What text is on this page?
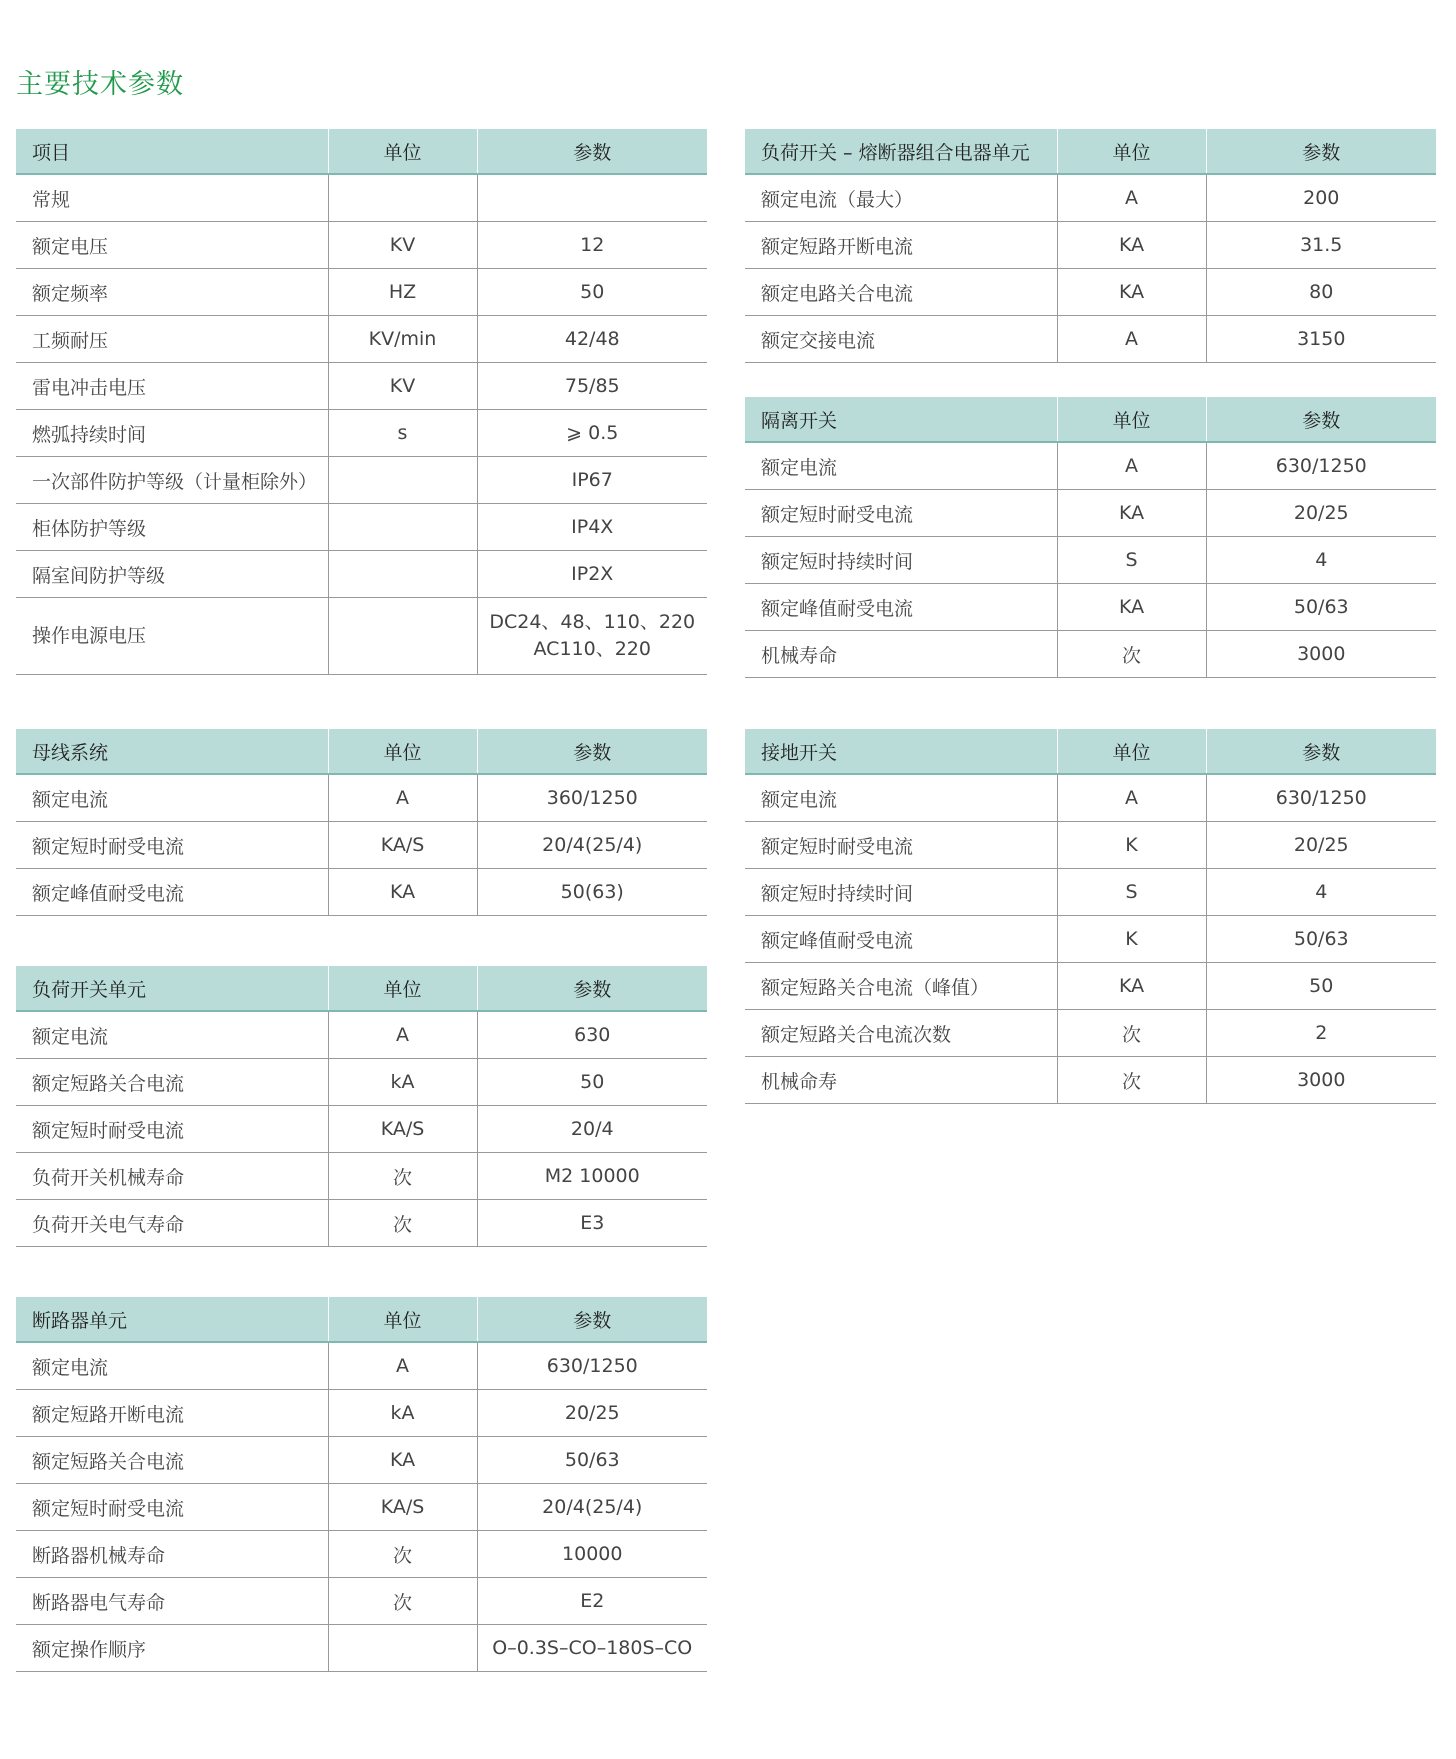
主要技术参数
项目	单位	参数
常规		
额定电压	KV	12
额定频率	HZ	50
工频耐压	KV/min	42/48
雷电冲击电压	KV	75/85
燃弧持续时间	s	⩾ 0.5
一次部件防护等级（计量柜除外）		IP67
柜体防护等级		IP4X
隔室间防护等级		IP2X
操作电源电压		DC24、48、110、220
AC110、220
母线系统	单位	参数
额定电流	A	360/1250
额定短时耐受电流	KA/S	20/4(25/4)
额定峰值耐受电流	KA	50(63)
负荷开关单元	单位	参数
额定电流	A	630
额定短路关合电流	kA	50
额定短时耐受电流	KA/S	20/4
负荷开关机械寿命	次	M2 10000
负荷开关电气寿命	次	E3
断路器单元	单位	参数
额定电流	A	630/1250
额定短路开断电流	kA	20/25
额定短路关合电流	KA	50/63
额定短时耐受电流	KA/S	20/4(25/4)
断路器机械寿命	次	10000
断路器电气寿命	次	E2
额定操作顺序		O–0.3S–CO–180S–CO
负荷开关 – 熔断器组合电器单元	单位	参数
额定电流（最大）	A	200
额定短路开断电流	KA	31.5
额定电路关合电流	KA	80
额定交接电流	A	3150
隔离开关	单位	参数
额定电流	A	630/1250
额定短时耐受电流	KA	20/25
额定短时持续时间	S	4
额定峰值耐受电流	KA	50/63
机械寿命	次	3000
接地开关	单位	参数
额定电流	A	630/1250
额定短时耐受电流	K	20/25
额定短时持续时间	S	4
额定峰值耐受电流	K	50/63
额定短路关合电流（峰值）	KA	50
额定短路关合电流次数	次	2
机械命寿	次	3000
